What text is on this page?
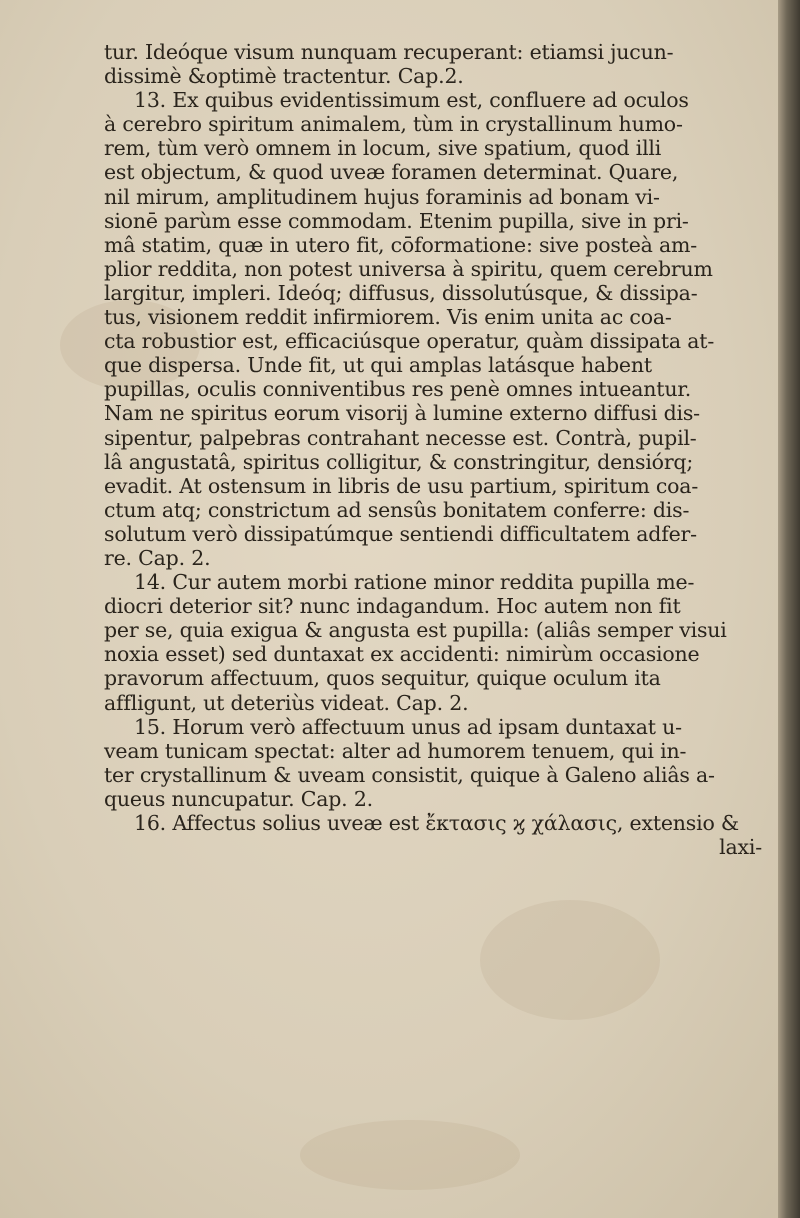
tur. Ideóque visum nunquam recuperant: etiamsi jucun-
dissimè &optimè tractentur. Cap.2.
13. Ex quibus evidentissimum est, confluere ad oculos
à cerebro spiritum animalem, tùm in crystallinum humo-
rem, tùm verò omnem in locum, sive spatium, quod illi
est objectum, & quod uveæ foramen determinat. Quare,
nil mirum, amplitudinem hujus foraminis ad bonam vi-
sionē parùm esse commodam. Etenim pupilla, sive in pri-
mâ statim, quæ in utero fit, cōformatione: sive posteà am-
plior reddita, non potest universa à spiritu, quem cerebrum
largitur, impleri. Ideóq; diffusus, dissolutúsque, & dissipa-
tus, visionem reddit infirmiorem. Vis enim unita ac coa-
cta robustior est, efficaciúsque operatur, quàm dissipata at-
que dispersa. Unde fit, ut qui amplas latásque habent
pupillas, oculis conniventibus res penè omnes intueantur.
Nam ne spiritus eorum visorij à lumine externo diffusi dis-
sipentur, palpebras contrahant necesse est. Contrà, pupil-
lâ angustatâ, spiritus colligitur, & constringitur, densiórq;
evadit. At ostensum in libris de usu partium, spiritum coa-
ctum atq; constrictum ad sensûs bonitatem conferre: dis-
solutum verò dissipatúmque sentiendi difficultatem adfer-
re. Cap. 2.
14. Cur autem morbi ratione minor reddita pupilla me-
diocri deterior sit? nunc indagandum. Hoc autem non fit
per se, quia exigua & angusta est pupilla: (aliâs semper visui
noxia esset) sed duntaxat ex accidenti: nimirùm occasione
pravorum affectuum, quos sequitur, quique oculum ita
affligunt, ut deteriùs videat. Cap. 2.
15. Horum verò affectuum unus ad ipsam duntaxat u-
veam tunicam spectat: alter ad humorem tenuem, qui in-
ter crystallinum & uveam consistit, quique à Galeno aliâs a-
queus nuncupatur. Cap. 2.
16. Affectus solius uveæ est ἔκτασις ϗ χάλασις, extensio &
laxi-
